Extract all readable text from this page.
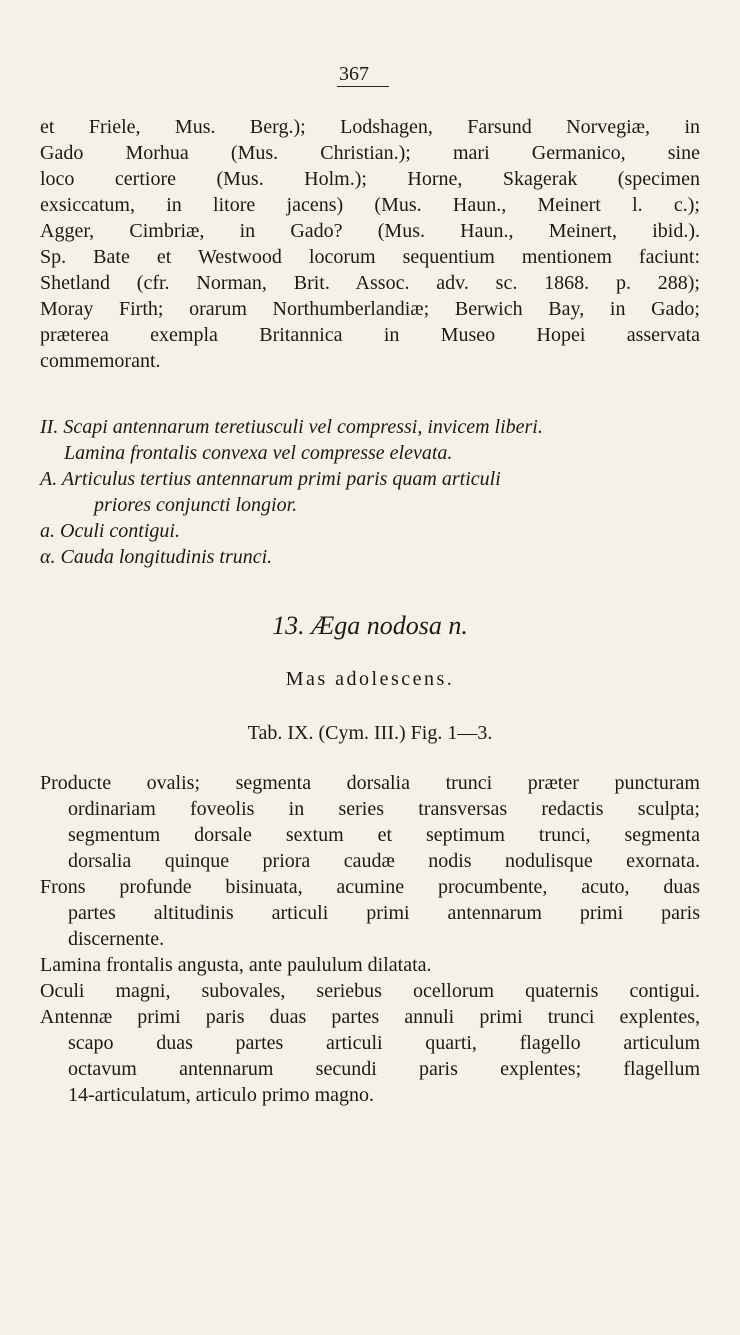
367
et Friele, Mus. Berg.); Lodshagen, Farsund Norvegiæ, in
Gado Morhua (Mus. Christian.); mari Germanico, sine
loco certiore (Mus. Holm.); Horne, Skagerak (specimen
exsiccatum, in litore jacens) (Mus. Haun., Meinert l. c.);
Agger, Cimbriæ, in Gado? (Mus. Haun., Meinert, ibid.).
Sp. Bate et Westwood locorum sequentium mentionem faciunt:
Shetland (cfr. Norman, Brit. Assoc. adv. sc. 1868. p. 288);
Moray Firth; orarum Northumberlandiæ; Berwich Bay, in Gado;
præterea exempla Britannica in Museo Hopei asservata
commemorant.
II. Scapi antennarum teretiusculi vel compressi, invicem liberi.
Lamina frontalis convexa vel compresse elevata.
A. Articulus tertius antennarum primi paris quam articuli
priores conjuncti longior.
a. Oculi contigui.
α. Cauda longitudinis trunci.
13. Æga nodosa n.
Mas adolescens.
Tab. IX. (Cym. III.) Fig. 1—3.
Producte ovalis; segmenta dorsalia trunci præter puncturam
ordinariam foveolis in series transversas redactis sculpta;
segmentum dorsale sextum et septimum trunci, segmenta
dorsalia quinque priora caudæ nodis nodulisque exornata.
Frons profunde bisinuata, acumine procumbente, acuto, duas
partes altitudinis articuli primi antennarum primi paris
discernente.
Lamina frontalis angusta, ante paululum dilatata.
Oculi magni, subovales, seriebus ocellorum quaternis contigui.
Antennæ primi paris duas partes annuli primi trunci explentes,
scapo duas partes articuli quarti, flagello articulum
octavum antennarum secundi paris explentes; flagellum
14-articulatum, articulo primo magno.
